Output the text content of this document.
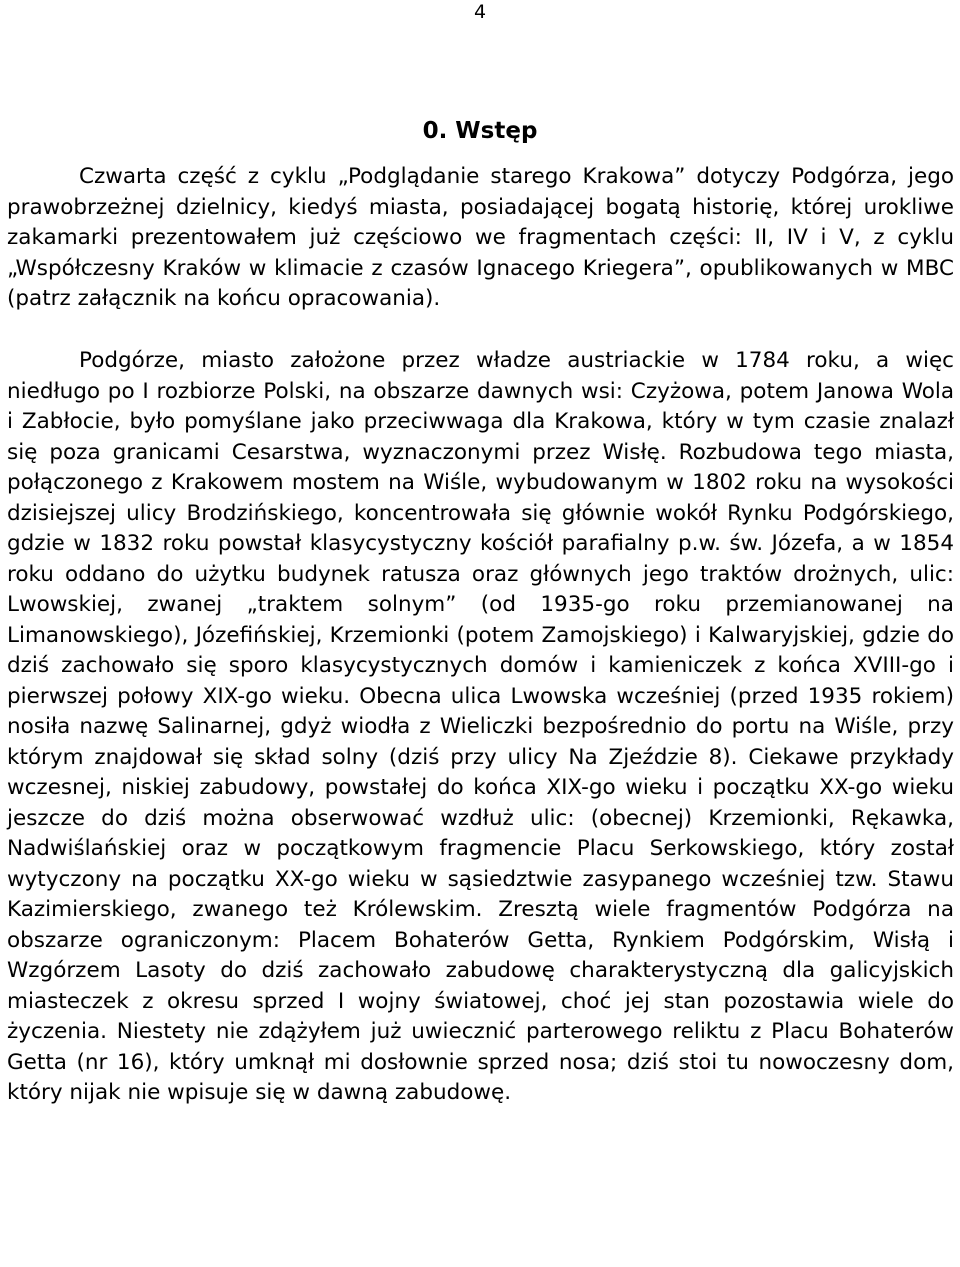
4
0. Wstęp

Czwarta część z cyklu „Podglądanie starego Krakowa” dotyczy Podgórza, jego prawobrzeżnej dzielnicy, kiedyś miasta, posiadającej bogatą historię, której urokliwe zakamarki prezentowałem już częściowo we fragmentach części: II, IV i V, z cyklu „Współczesny Kraków w klimacie z czasów Ignacego Kriegera”, opublikowanych w MBC (patrz załącznik na końcu opracowania).

Podgórze, miasto założone przez władze austriackie w 1784 roku, a więc niedługo po I rozbiorze Polski, na obszarze dawnych wsi: Czyżowa, potem Janowa Wola i Zabłocie, było pomyślane jako przeciwwaga dla Krakowa, który w tym czasie znalazł się poza granicami Cesarstwa, wyznaczonymi przez Wisłę. Rozbudowa tego miasta, połączonego z Krakowem mostem na Wiśle, wybudowanym w 1802 roku na wysokości dzisiejszej ulicy Brodzińskiego, koncentrowała się głównie wokół Rynku Podgórskiego, gdzie w 1832 roku powstał klasycystyczny kościół parafialny p.w. św. Józefa, a w 1854 roku oddano do użytku budynek ratusza oraz głównych jego traktów drożnych, ulic: Lwowskiej, zwanej „traktem solnym” (od 1935-go roku przemianowanej na Limanowskiego), Józefińskiej, Krzemionki (potem Zamojskiego) i Kalwaryjskiej, gdzie do dziś zachowało się sporo klasycystycznych domów i kamieniczek z końca XVIII-go i pierwszej połowy XIX-go wieku. Obecna ulica Lwowska wcześniej (przed 1935 rokiem) nosiła nazwę Salinarnej, gdyż wiodła z Wieliczki bezpośrednio do portu na Wiśle, przy którym znajdował się skład solny (dziś przy ulicy Na Zjeździe 8). Ciekawe przykłady wczesnej, niskiej zabudowy, powstałej do końca XIX-go wieku i początku XX-go wieku jeszcze do dziś można obserwować wzdłuż ulic: (obecnej) Krzemionki, Rękawka, Nadwiślańskiej oraz w początkowym fragmencie Placu Serkowskiego, który został wytyczony na początku XX-go wieku w sąsiedztwie zasypanego wcześniej tzw. Stawu Kazimierskiego, zwanego też Królewskim. Zresztą wiele fragmentów Podgórza na obszarze ograniczonym: Placem Bohaterów Getta, Rynkiem Podgórskim, Wisłą i Wzgórzem Lasoty do dziś zachowało zabudowę charakterystyczną dla galicyjskich miasteczek z okresu sprzed I wojny światowej, choć jej stan pozostawia wiele do życzenia. Niestety nie zdążyłem już uwiecznić parterowego reliktu z Placu Bohaterów Getta (nr 16), który umknął mi dosłownie sprzed nosa; dziś stoi tu nowoczesny dom, który nijak nie wpisuje się w dawną zabudowę.
